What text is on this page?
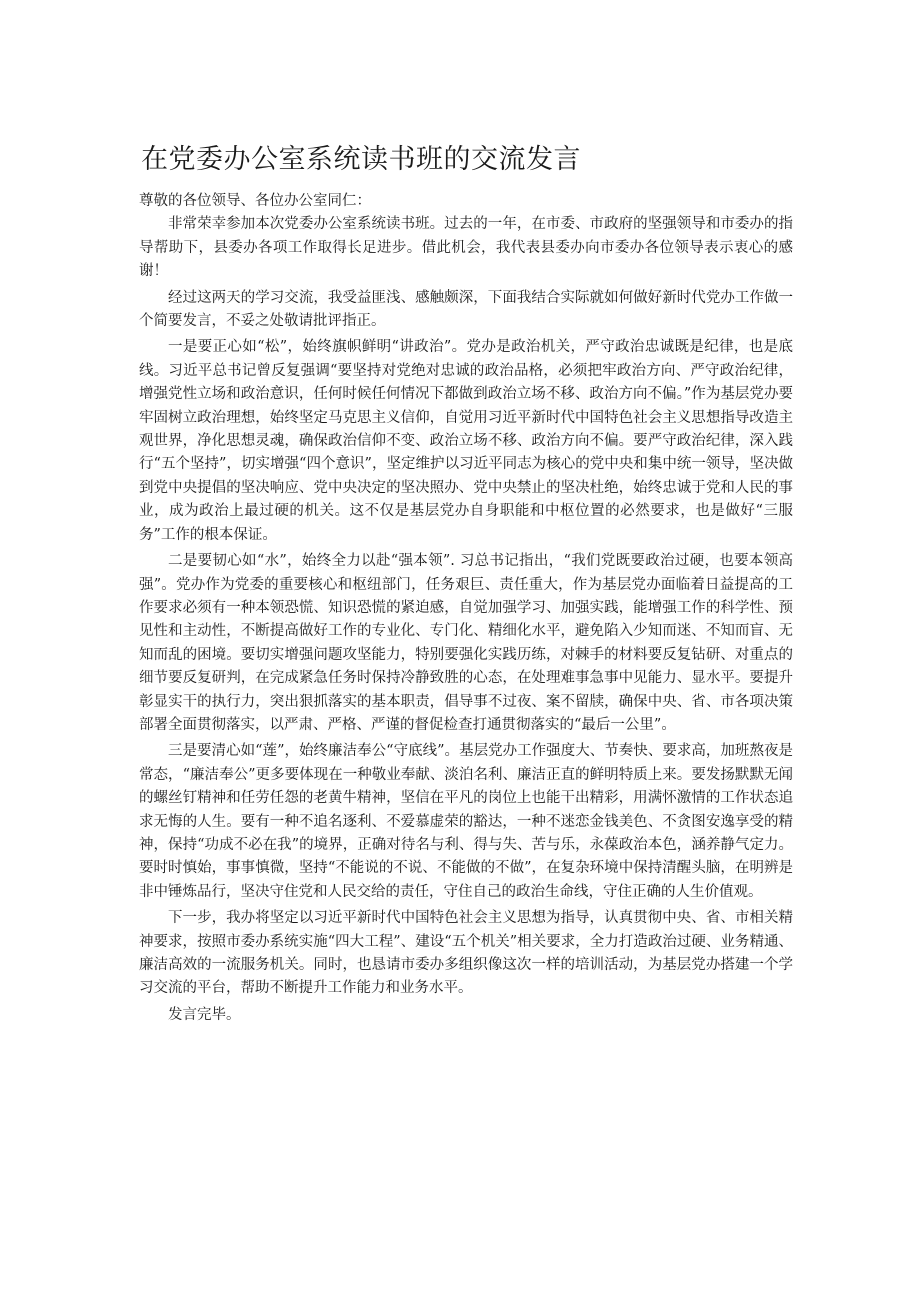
在党委办公室系统读书班的交流发言

尊敬的各位领导、各位办公室同仁：

非常荣幸参加本次党委办公室系统读书班。过去的一年，在市委、市政府的坚强领导和市委办的指导帮助下，县委办各项工作取得长足进步。借此机会，我代表县委办向市委办各位领导表示衷心的感谢！

经过这两天的学习交流，我受益匪浅、感触颇深，下面我结合实际就如何做好新时代党办工作做一个简要发言，不妥之处敬请批评指正。

一是要正心如“松”，始终旗帜鲜明“讲政治”。党办是政治机关，严守政治忠诚既是纪律，也是底线。习近平总书记曾反复强调“要坚持对党绝对忠诚的政治品格，必须把牢政治方向、严守政治纪律，增强党性立场和政治意识，任何时候任何情况下都做到政治立场不移、政治方向不偏。”作为基层党办要牢固树立政治理想，始终坚定马克思主义信仰，自觉用习近平新时代中国特色社会主义思想指导改造主观世界，净化思想灵魂，确保政治信仰不变、政治立场不移、政治方向不偏。要严守政治纪律，深入践行“五个坚持”，切实增强“四个意识”，坚定维护以习近平同志为核心的党中央和集中统一领导，坚决做到党中央提倡的坚决响应、党中央决定的坚决照办、党中央禁止的坚决杜绝，始终忠诚于党和人民的事业，成为政治上最过硬的机关。这不仅是基层党办自身职能和中枢位置的必然要求，也是做好“三服务”工作的根本保证。

二是要韧心如“水”，始终全力以赴“强本领”. 习总书记指出，“我们党既要政治过硬，也要本领高强”。党办作为党委的重要核心和枢纽部门，任务艰巨、责任重大，作为基层党办面临着日益提高的工作要求必须有一种本领恐慌、知识恐慌的紧迫感，自觉加强学习、加强实践，能增强工作的科学性、预见性和主动性，不断提高做好工作的专业化、专门化、精细化水平，避免陷入少知而迷、不知而盲、无知而乱的困境。要切实增强问题攻坚能力，特别要强化实践历练，对棘手的材料要反复钻研、对重点的细节要反复研判，在完成紧急任务时保持冷静致胜的心态，在处理难事急事中见能力、显水平。要提升彰显实干的执行力，突出狠抓落实的基本职责，倡导事不过夜、案不留牍，确保中央、省、市各项决策部署全面贯彻落实，以严肃、严格、严谨的督促检查打通贯彻落实的“最后一公里”。

三是要清心如“莲”，始终廉洁奉公“守底线”。基层党办工作强度大、节奏快、要求高，加班熬夜是常态，“廉洁奉公”更多要体现在一种敬业奉献、淡泊名利、廉洁正直的鲜明特质上来。要发扬默默无闻的螺丝钉精神和任劳任怨的老黄牛精神，坚信在平凡的岗位上也能干出精彩，用满怀激情的工作状态追求无悔的人生。要有一种不追名逐利、不爱慕虚荣的豁达，一种不迷恋金钱美色、不贪图安逸享受的精神，保持“功成不必在我”的境界，正确对待名与利、得与失、苦与乐，永葆政治本色，涵养静气定力。要时时慎始，事事慎微，坚持“不能说的不说、不能做的不做”，在复杂环境中保持清醒头脑，在明辨是非中锤炼品行，坚决守住党和人民交给的责任，守住自己的政治生命线，守住正确的人生价值观。

下一步，我办将坚定以习近平新时代中国特色社会主义思想为指导，认真贯彻中央、省、市相关精神要求，按照市委办系统实施“四大工程”、建设“五个机关”相关要求，全力打造政治过硬、业务精通、廉洁高效的一流服务机关。同时，也恳请市委办多组织像这次一样的培训活动，为基层党办搭建一个学习交流的平台，帮助不断提升工作能力和业务水平。

发言完毕。
